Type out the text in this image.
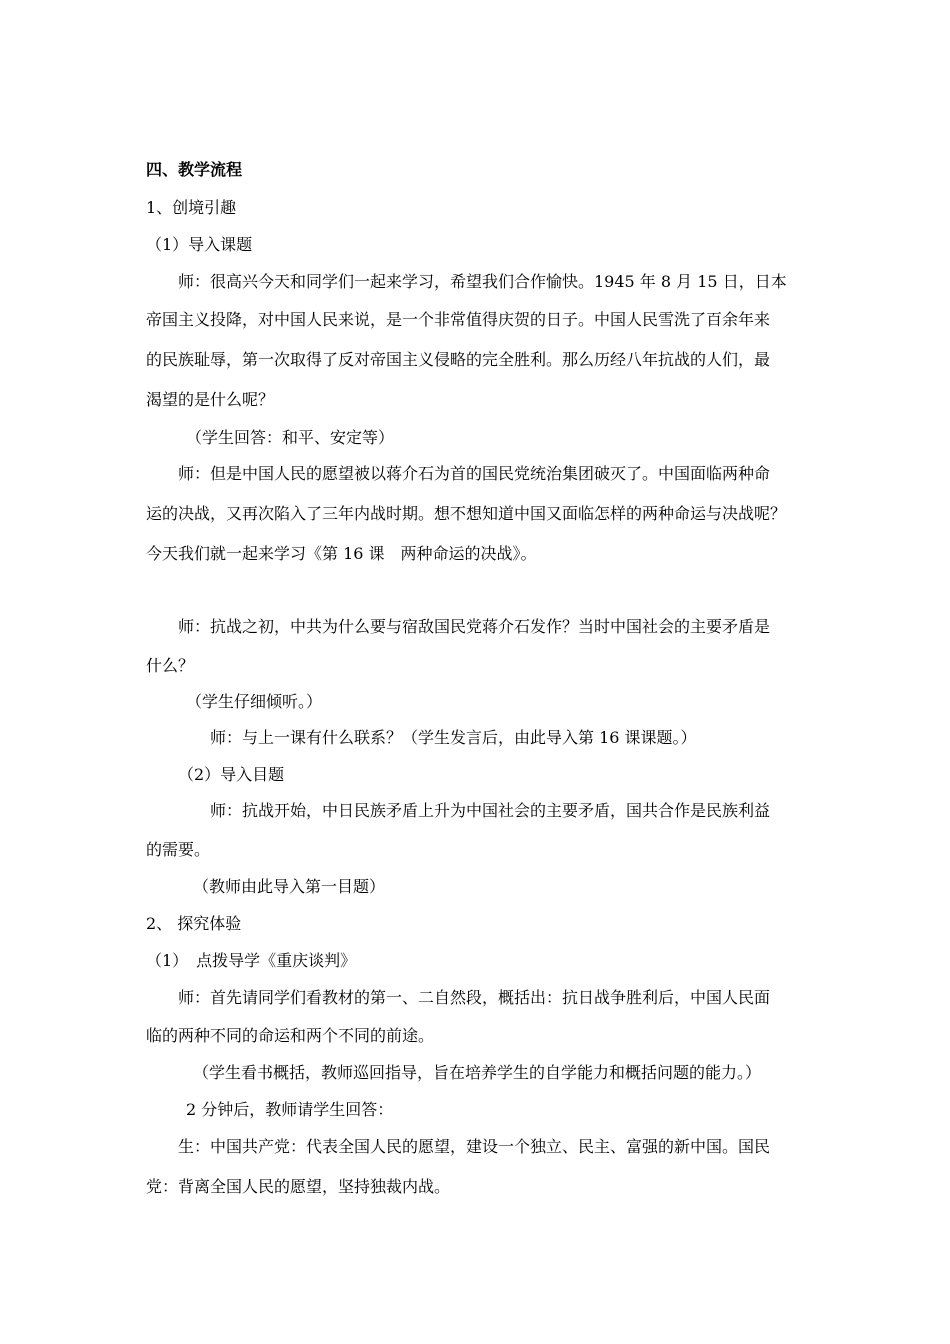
四、教学流程
1、创境引趣
（1）导入课题
师：很高兴今天和同学们一起来学习，希望我们合作愉快。1945 年 8 月 15 日，日本
帝国主义投降，对中国人民来说，是一个非常值得庆贺的日子。中国人民雪洗了百余年来
的民族耻辱，第一次取得了反对帝国主义侵略的完全胜利。那么历经八年抗战的人们，最
渴望的是什么呢？
（学生回答：和平、安定等）
师：但是中国人民的愿望被以蒋介石为首的国民党统治集团破灭了。中国面临两种命
运的决战，又再次陷入了三年内战时期。想不想知道中国又面临怎样的两种命运与决战呢？
今天我们就一起来学习《第 16 课　两种命运的决战》。
师：抗战之初，中共为什么要与宿敌国民党蒋介石发作？当时中国社会的主要矛盾是
什么？
（学生仔细倾听。）
师：与上一课有什么联系？（学生发言后，由此导入第 16 课课题。）
（2）导入目题
师：抗战开始，中日民族矛盾上升为中国社会的主要矛盾，国共合作是民族利益
的需要。
（教师由此导入第一目题）
2、 探究体验
（1）　点拨导学《重庆谈判》
师：首先请同学们看教材的第一、二自然段，概括出：抗日战争胜利后，中国人民面
临的两种不同的命运和两个不同的前途。
（学生看书概括，教师巡回指导，旨在培养学生的自学能力和概括问题的能力。）
2 分钟后，教师请学生回答：
生：中国共产党：代表全国人民的愿望，建设一个独立、民主、富强的新中国。国民
党：背离全国人民的愿望，坚持独裁内战。
